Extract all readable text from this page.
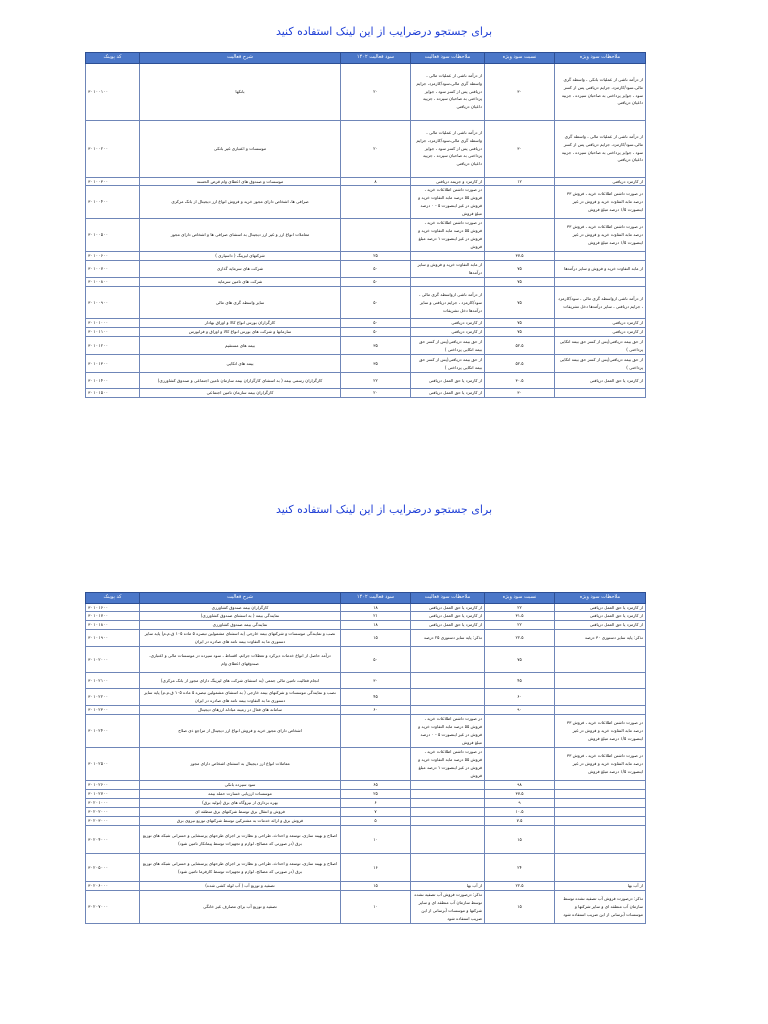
برای جستجو درضرایب از این لینک استفاده کنید
ملاحظات سود ویژه	نسبت سود ویژه	ملاحظات سود فعالیت	سود فعالیت ۱۴۰۲	شرح فعالیت	کد پوینک
از درآمد ناشی از عملیات بانکی ، واسطه گری مالی،سود/کارمزد، جرایم دریافتی پس از کسر سود ، جوایز پرداختی به صاحبان سپرده ، جزییه داعیان دریافتی	۳۰	از درآمد ناشی از عملیات مالی ، واسطه گری مالی،سود/کارمزد، جرایم دریافتی پس از کسر سود ، جوایز پرداختی به صاحبان سپرده ، جزییه داعیان دریافتی	۲۰	بانکها	۳۰۱۰۰۱۰۰
از درآمد ناشی از عملیات مالی ، واسطه گری مالی،سود/کارمزد، جرایم دریافتی پس از کسر سود ، جوایز پرداختی به صاحبان سپرده ، جزییه داعیان دریافتی	۳۰	از درآمد ناشی از عملیات مالی ، واسطه گری مالی،سود/کارمزد، جرایم دریافتی پس از کسر سود ، جوایز پرداختی به صاحبان سپرده ، جزییه داعیان دریافتی	۲۰	موسسات و اعتباری غیر بانکی	۳۰۱۰۰۲۰۰
از کارمزد دریافتی	۱۲	از کارمزد و جریمه دریافتی	۸	موسسات و صندوق های اعطای وام قرض الحسنه	۳۰۱۰۰۳۰۰
در صورت داشتن اطلاعات خرید ، فروش ۳۳ درصد مابه التفاوت خرید و فروش در غیر اینصورت ۱/۵ درصد مبلغ فروش		در صورت داشتن اطلاعات خرید ، فروش ۵۵ درصد مابه التفاوت خرید و فروش در غیر اینصورت ۵ - ۰ درصد مبلغ فروش		صرافی ها، اشخاص دارای مجوز خرید و فروش انواع ارز دیجیتال از بانک مرکزی	۳۰۱۰۰۴۰۰
در صورت داشتن اطلاعات خرید ، فروش ۳۳ درصد مابه التفاوت خرید و فروش در غیر اینصورت ۱/۵ درصد مبلغ فروش		در صورت داشتن اطلاعات خرید ، فروش ۵۵ درصد مابه التفاوت خرید و فروش در غیر اینصورت ۱ درصد مبلغ فروش		معاملات انواع ارز و غیر ارز دیجیتال به استثنای صرافی ها و اشخاص دارای مجوز	۳۰۱۰۰۵۰۰
	۳۷.۵		۲۵	شرکتهای لیزینگ ( داسپاری )	۳۰۱۰۰۶۰۰
از مابه التفاوت خرید و فروش و سایر درآمدها	۷۵	از مابه التفاوت خرید و فروش و سایر درآمدها	۵۰	شرکت های سرمایه گذاری	۳۰۱۰۰۷۰۰
	۷۵		۵۰	شرکت های تامین سرمایه	۳۰۱۰۰۸۰۰
از درآمد ناشی ازواسطه گری مالی ، سود/کارمزد ، جرایم دریافتی ، سایر درآمدها دخل تشریفات	۷۵	از درآمد ناشی ازواسطه گری مالی ، سود/کارمزد ، جرایم دریافتی و سایر درآمدها دخل تشریفات	۵۰	سایر واسطه گری های مالی	۳۰۱۰۰۹۰۰
از کارمزد دریافتی	۷۵	از کارمزد دریافتی	۵۰	کارگزاران بورس انواع کالا و اوراق بهادار	۳۰۱۰۱۰۰۰
از کارمزد دریافتی	۷۵	از کارمزد دریافتی	۵۰	سازمانها و شرکت های بورس انواع کالا و اوراق و فرابورس	۳۰۱۰۱۱۰۰
از حق بیمه دریافتی(پس از کسر حق بیمه اتکایی پرداختی )	۵۲.۵	از حق بیمه دریافتی(پس از کسر حق بیمه اتکایی پرداختی )	۳۵	بیمه های مستقیم	۳۰۱۰۱۲۰۰
از حق بیمه دریافتی(پس از کسر حق بیمه اتکایی پرداختی )	۵۲.۵	از حق بیمه دریافتی(پس از کسر حق بیمه اتکایی پرداختی )	۳۵	بیمه های اتکایی	۳۰۱۰۱۳۰۰
از کارمزد یا حق العمل دریافتی	۳۰.۵	از کارمزد یا حق العمل دریافتی	۲۲	کارگزاران رسمی بیمه ( به استثنای کارگزاران بیمه سازمان تامین اجتماعی و صندوق کشاورزی)	۳۰۱۰۱۴۰۰
	۳۰	از کارمزد یا حق العمل دریافتی	۲۰	کارگزاران بیمه سازمان تامین اجتماعی	۳۰۱۰۱۵۰۰
برای جستجو درضرایب از این لینک استفاده کنید
ملاحظات سود ویژه	نسبت سود ویژه	ملاحظات سود فعالیت	سود فعالیت ۱۴۰۲	شرح فعالیت	کد پوینک
از کارمزد یا حق العمل دریافتی	۲۲	از کارمزد یا حق العمل دریافتی	۱۸	کارگزاران بیمه صندوق کشاورزی	۳۰۱۰۱۶۰۰
از کارمزد یا حق العمل دریافتی	۳۱.۵	از کارمزد یا حق العمل دریافتی	۲۱	نمایندگی بیمه ( به استثنای صندوق کشاورزی)	۳۰۱۰۱۷۰۰
از کارمزد یا حق العمل دریافتی	۲۲	از کارمزد یا حق العمل دریافتی	۱۸	نمایندگی بیمه صندوق کشاورزی	۳۰۱۰۱۸۰۰
تذکر: پایه سایر دستوری ۳۰ درصد	۲۲.۵	تذکر: پایه سایر دستوری ۲۵ درصد	۱۵	نصب و نمایندگی موسسات و شرکتهای بیمه خارجی (به استثنای مشمولین تبصره ۵ ماده ۱۰۵ ق.م.م) پایه سایر دستوری ما به التفاوت بیمه نامه های صادره در ایران	۳۰۱۰۱۹۰۰
	۷۵		۵۰	درآمد حاصل از انواع خدمات دیرکرد و تعطلات جرائم، اقساط ، سود سپرده در موسسات مالی و اعتباری، صندوقهای اعطای وام	۳۰۱۰۲۰۰۰
	۴۵		۳۰	انجام فعالیت تامین مالی جمعی (به استثنای شرکت های لیزینگ دارای مجوز از بانک مرکزی)	۳۰۱۰۲۱۰۰
	۶۰		۴۵	نصب و نمایندگی موسسات و شرکتهای بیمه خارجی ( به استثنای مشمولین تبصره ۵ ماده ۱۰۵ ق.م.م) پایه سایر دستوری ما به التفاوت بیمه نامه های صادره در ایران	۳۰۱۰۲۲۰۰
	۹۰		۶۰	سامانه های فعال در زمینه مبادله ارزهای دیجیتال	۳۰۱۰۲۳۰۰
در صورت داشتن اطلاعات خرید ، فروش ۳۳ درصد مابه التفاوت خرید و فروش در غیر اینصورت ۱/۵ درصد مبلغ فروش		در صورت داشتن اطلاعات خرید ، فروش ۵۵ درصد مابه التفاوت خرید و فروش در غیر اینصورت ۵ - ۰ درصد مبلغ فروش		اشخاص دارای مجوز خرید و فروش انواع ارز دیجیتال از مراجع ذی صلاح	۳۰۱۰۲۴۰۰
در صورت داشتن اطلاعات خرید ، فروش ۳۳ درصد مابه التفاوت خرید و فروش در غیر اینصورت ۱/۵ درصد مبلغ فروش		در صورت داشتن اطلاعات خرید ، فروش ۵۵ درصد مابه التفاوت خرید و فروش در غیر اینصورت ۱ درصد مبلغ فروش		معاملات انواع ارز دیجیتال به استثنای اشخاص دارای مجوز	۳۰۱۰۲۵۰۰
	۹۸		۶۵	سود سپرده بانکی	۳۰۱۰۲۶۰۰
	۳۷.۵		۲۵	موسسات ارزیابی خسارت حمله بیمه	۳۰۱۰۲۷۰۰
	۹		۶	بهره برداری از نیروگاه های برق (تولید برق)	۳۰۲۰۱۰۰۰
	۱۰.۵		۷	فروش و انتقال برق توسط شرکتهای برق منطقه ای	۳۰۲۰۲۰۰۰
	۷.۵		۵	فروش برق و ارائه خدمات به مشترکین توسط شرکتهای توزیع نیروی برق	۳۰۲۰۳۰۰۰
	۱۵		۱۰	اصلاح و بهینه سازی، توسعه و احداث، طراحی و نظارت بر اجرای طرحهای پرسشایی و حسرانی شبکه های توزیع برق (در صورتی که مصالح، لوازم و تجهیزات توسط پیمانکار تامین شود)	۳۰۲۰۴۰۰۰
	۲۴		۱۶	اصلاح و بهینه سازی، توسعه و احداث، طراحی و نظارت بر اجرای طرحهای پرسشایی و حسرانی شبکه های توزیع برق (در صورتی که مصالح، لوازم و تجهیزات توسط کارفرما تامین شود)	۳۰۲۰۵۰۰۰
از آب بها	۲۲.۵	از آب بها	۱۵	تصفیه و توزیع آب ( آب لوله کشی شده)	۳۰۲۰۶۰۰۰
تذکر: درصورت فروش آب تصفیه نشده توسط سازمان آب منطقه ای و سایر شرکتها و موسسات آبرسانی از این ضریب استفاده شود	۱۵	تذکر: درصورت فروش آب تصفیه نشده توسط سازمان آب منطقه ای و سایر شرکتها و موسسات آبرسانی از این ضریب استفاده شود	۱۰	تصفیه و توزیع آب برای مصارف غیر خانگی	۳۰۲۰۷۰۰۰
